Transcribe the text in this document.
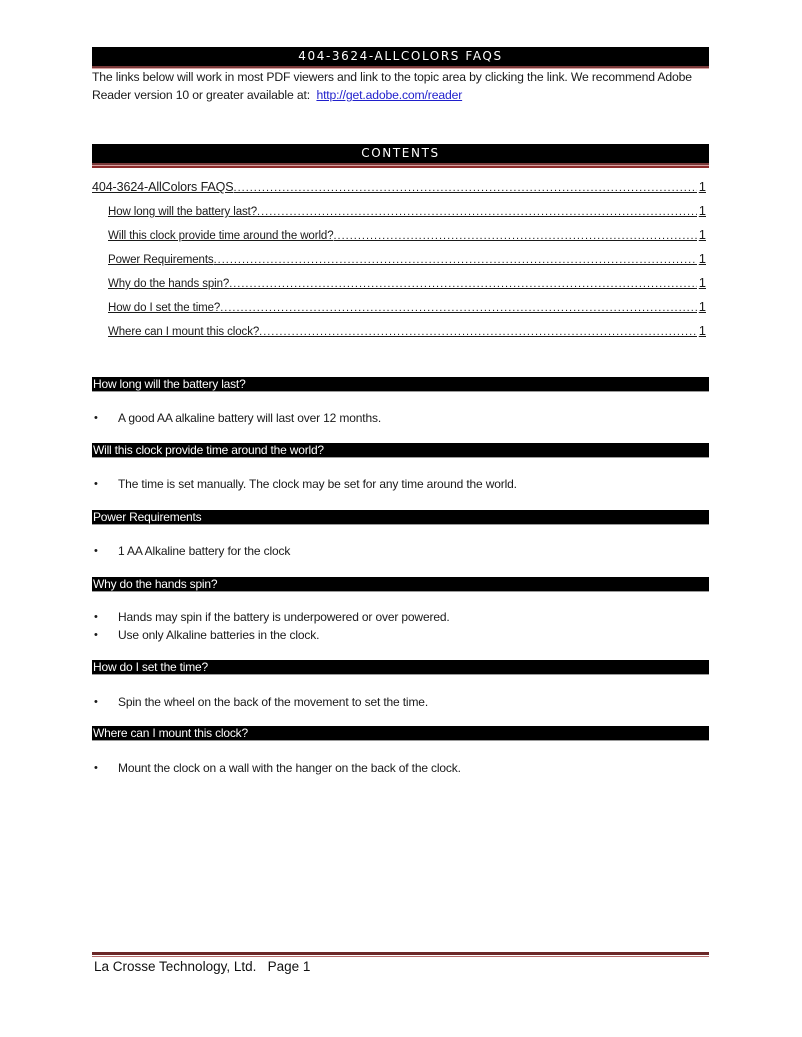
404-3624-ALLCOLORS FAQS
The links below will work in most PDF viewers and link to the topic area by clicking the link. We recommend Adobe Reader version 10 or greater available at: http://get.adobe.com/reader
CONTENTS
404-3624-AllColors FAQS .....	1
How long will the battery last? .....	1
Will this clock provide time around the world? .....	1
Power Requirements .....	1
Why do the hands spin? .....	1
How do I set the time? .....	1
Where can I mount this clock? .....	1
How long will the battery last?
•	A good AA alkaline battery will last over 12 months.
Will this clock provide time around the world?
•	The time is set manually. The clock may be set for any time around the world.
Power Requirements
•	1 AA Alkaline battery for the clock
Why do the hands spin?
•	Hands may spin if the battery is underpowered or over powered.
•	Use only Alkaline batteries in the clock.
How do I set the time?
•	Spin the wheel on the back of the movement to set the time.
Where can I mount this clock?
•	Mount the clock on a wall with the hanger on the back of the clock.
La Crosse Technology, Ltd. Page 1
